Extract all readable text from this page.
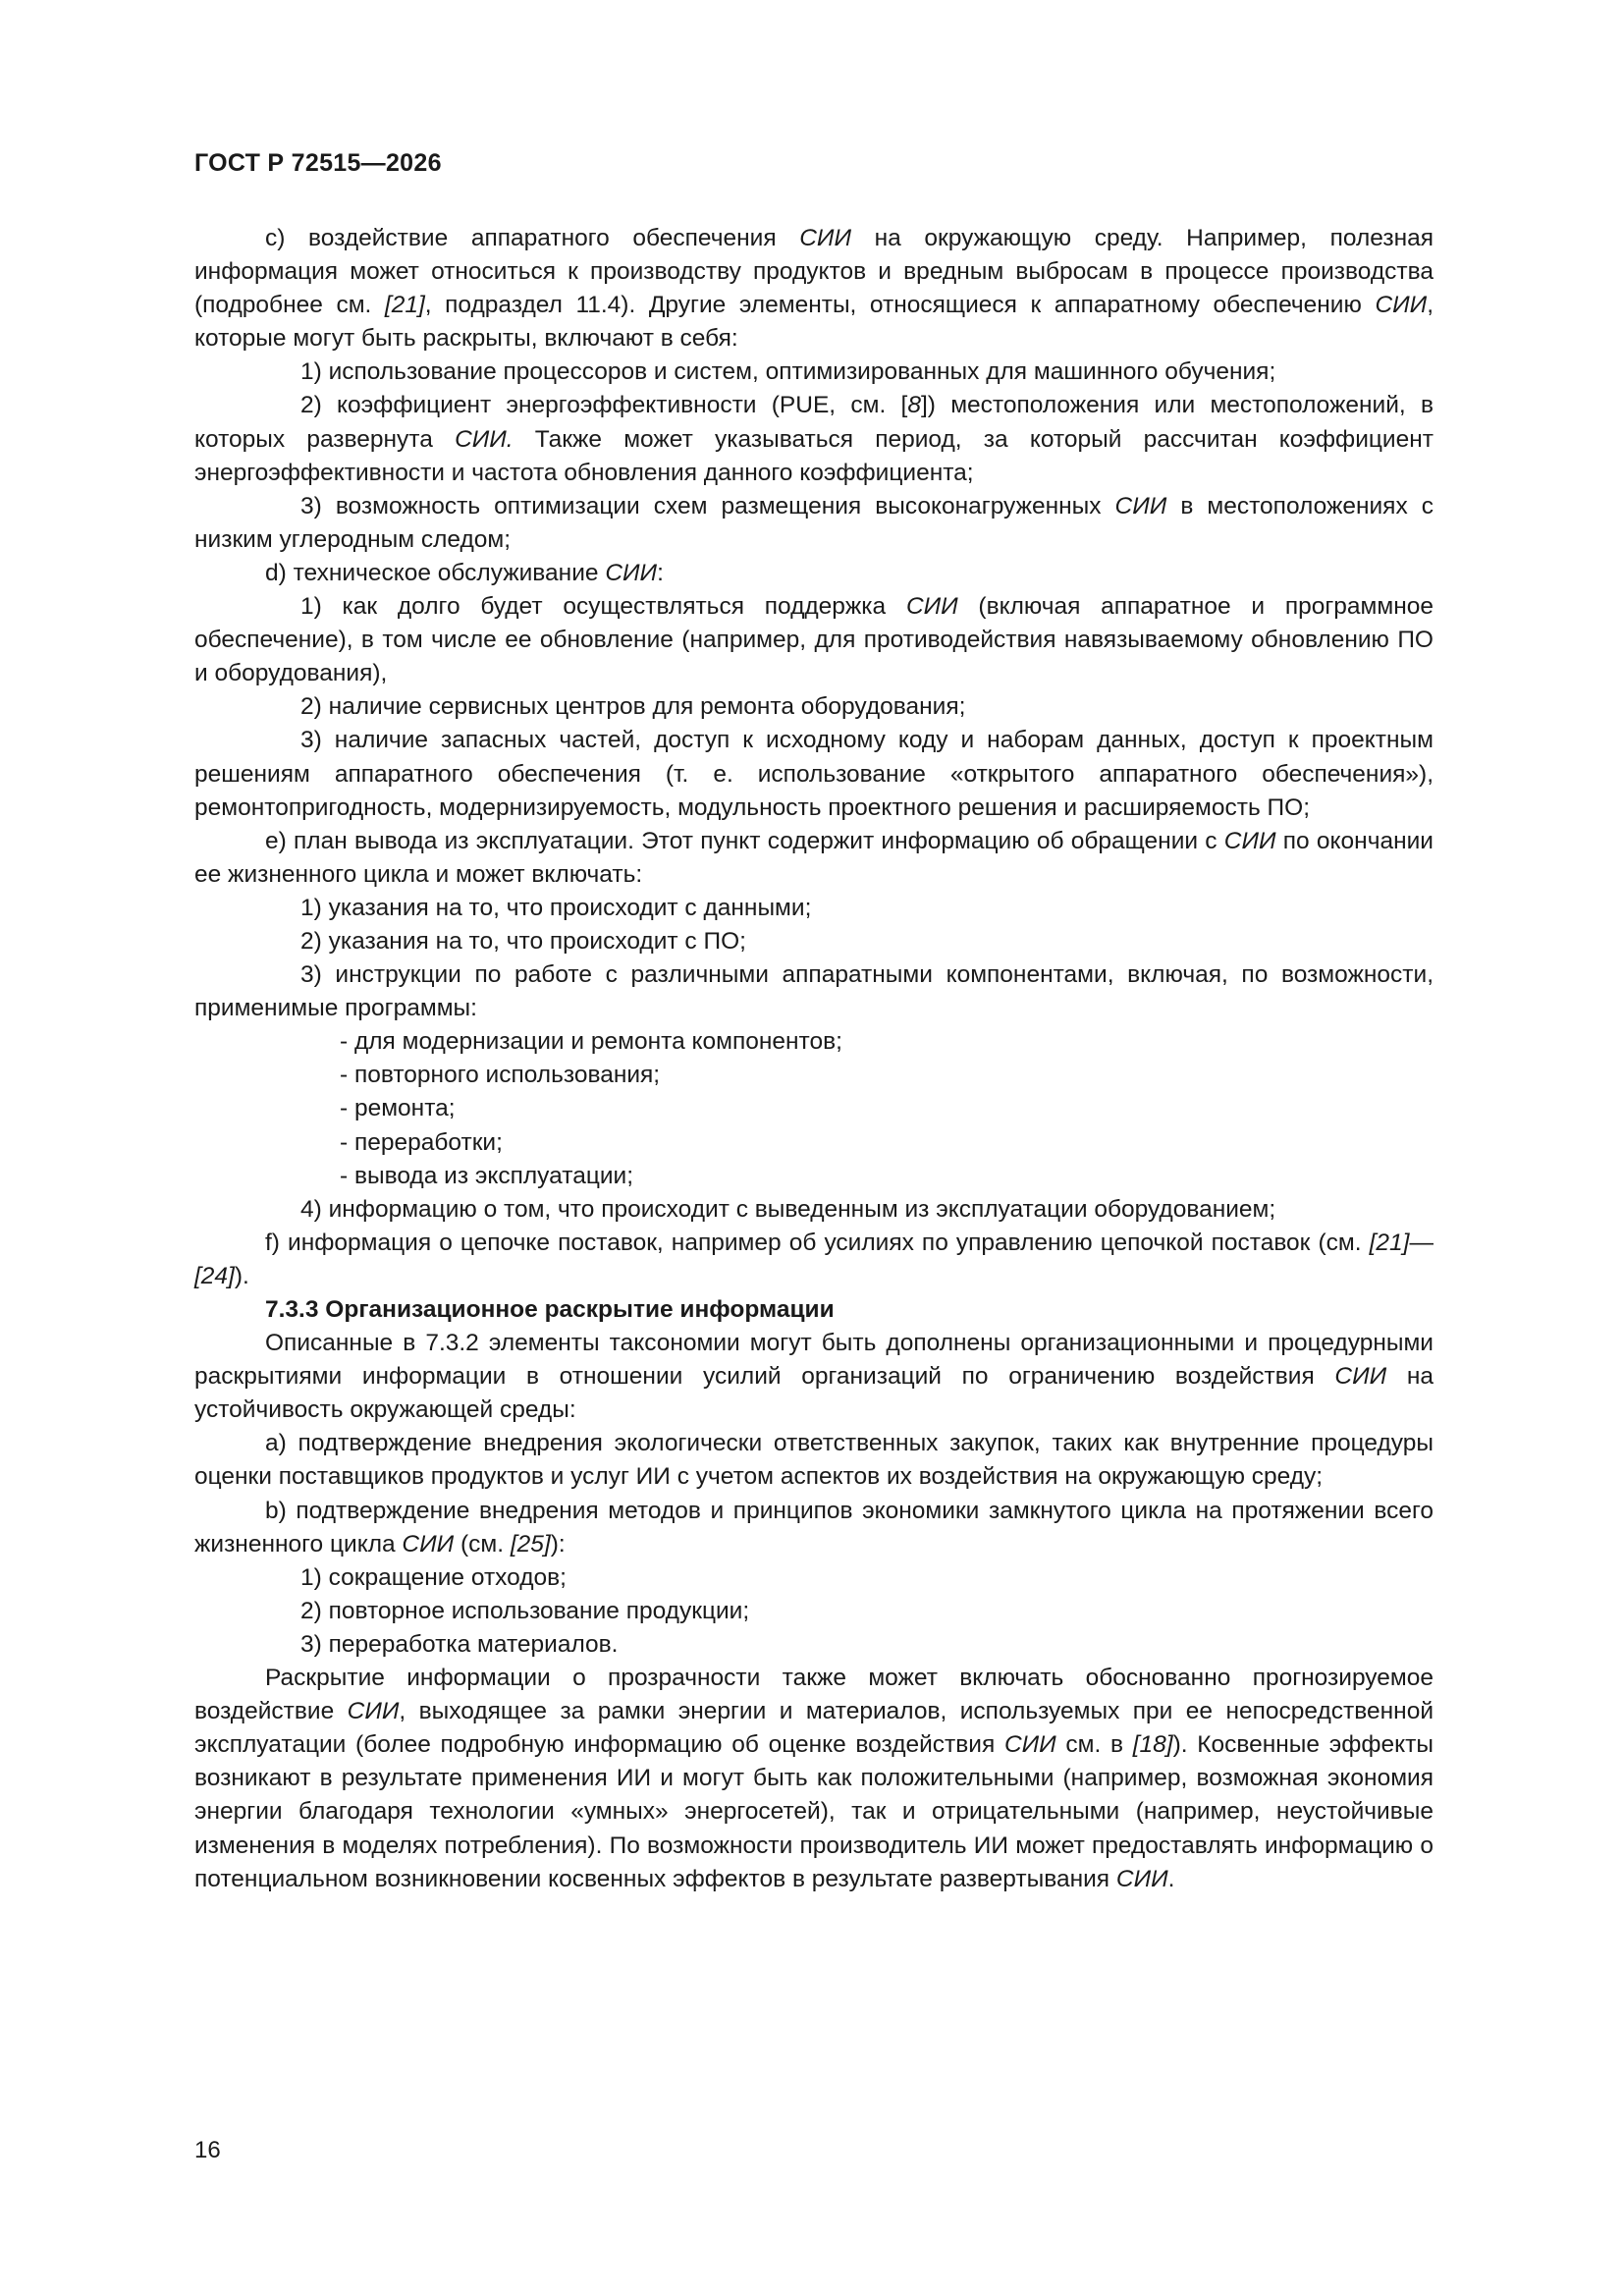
ГОСТ Р 72515—2026

c) воздействие аппаратного обеспечения СИИ на окружающую среду. Например, полезная информация может относиться к производству продуктов и вредным выбросам в процессе производства (подробнее см. [21], подраздел 11.4). Другие элементы, относящиеся к аппаратному обеспечению СИИ, которые могут быть раскрыты, включают в себя:

1) использование процессоров и систем, оптимизированных для машинного обучения;

2) коэффициент энергоэффективности (PUE, см. [8]) местоположения или местоположений, в которых развернута СИИ. Также может указываться период, за который рассчитан коэффициент энергоэффективности и частота обновления данного коэффициента;

3) возможность оптимизации схем размещения высоконагруженных СИИ в местоположениях с низким углеродным следом;

d) техническое обслуживание СИИ:

1) как долго будет осуществляться поддержка СИИ (включая аппаратное и программное обеспечение), в том числе ее обновление (например, для противодействия навязываемому обновлению ПО и оборудования),

2) наличие сервисных центров для ремонта оборудования;

3) наличие запасных частей, доступ к исходному коду и наборам данных, доступ к проектным решениям аппаратного обеспечения (т. е. использование «открытого аппаратного обеспечения»), ремонтопригодность, модернизируемость, модульность проектного решения и расширяемость ПО;

e) план вывода из эксплуатации. Этот пункт содержит информацию об обращении с СИИ по окончании ее жизненного цикла и может включать:

1) указания на то, что происходит с данными;

2) указания на то, что происходит с ПО;

3) инструкции по работе с различными аппаратными компонентами, включая, по возможности, применимые программы:

- для модернизации и ремонта компонентов;

- повторного использования;

- ремонта;

- переработки;

- вывода из эксплуатации;

4) информацию о том, что происходит с выведенным из эксплуатации оборудованием;

f) информация о цепочке поставок, например об усилиях по управлению цепочкой поставок (см. [21]—[24]).

7.3.3 Организационное раскрытие информации

Описанные в 7.3.2 элементы таксономии могут быть дополнены организационными и процедурными раскрытиями информации в отношении усилий организаций по ограничению воздействия СИИ на устойчивость окружающей среды:

a) подтверждение внедрения экологически ответственных закупок, таких как внутренние процедуры оценки поставщиков продуктов и услуг ИИ с учетом аспектов их воздействия на окружающую среду;

b) подтверждение внедрения методов и принципов экономики замкнутого цикла на протяжении всего жизненного цикла СИИ (см. [25]):

1) сокращение отходов;

2) повторное использование продукции;

3) переработка материалов.

Раскрытие информации о прозрачности также может включать обоснованно прогнозируемое воздействие СИИ, выходящее за рамки энергии и материалов, используемых при ее непосредственной эксплуатации (более подробную информацию об оценке воздействия СИИ см. в [18]). Косвенные эффекты возникают в результате применения ИИ и могут быть как положительными (например, возможная экономия энергии благодаря технологии «умных» энергосетей), так и отрицательными (например, неустойчивые изменения в моделях потребления). По возможности производитель ИИ может предоставлять информацию о потенциальном возникновении косвенных эффектов в результате развертывания СИИ.

16
